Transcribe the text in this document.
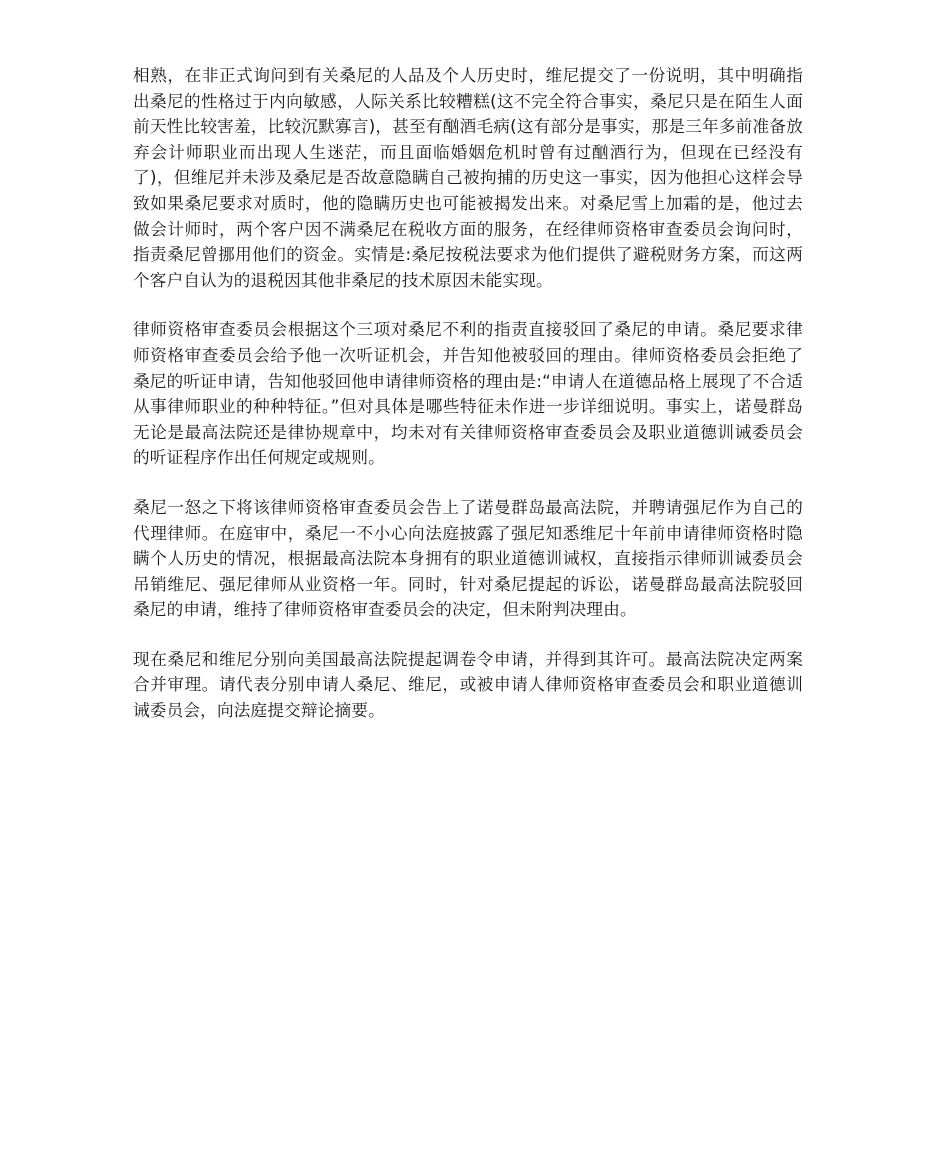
相熟，在非正式询问到有关桑尼的人品及个人历史时，维尼提交了一份说明，其中明确指出桑尼的性格过于内向敏感，人际关系比较糟糕(这不完全符合事实，桑尼只是在陌生人面前天性比较害羞，比较沉默寡言)，甚至有酗酒毛病(这有部分是事实，那是三年多前准备放弃会计师职业而出现人生迷茫，而且面临婚姻危机时曾有过酗酒行为，但现在已经没有了)，但维尼并未涉及桑尼是否故意隐瞒自己被拘捕的历史这一事实，因为他担心这样会导致如果桑尼要求对质时，他的隐瞒历史也可能被揭发出来。对桑尼雪上加霜的是，他过去做会计师时，两个客户因不满桑尼在税收方面的服务，在经律师资格审查委员会询问时，指责桑尼曾挪用他们的资金。实情是:桑尼按税法要求为他们提供了避税财务方案，而这两个客户自认为的退税因其他非桑尼的技术原因未能实现。

律师资格审查委员会根据这个三项对桑尼不利的指责直接驳回了桑尼的申请。桑尼要求律师资格审查委员会给予他一次听证机会，并告知他被驳回的理由。律师资格委员会拒绝了桑尼的听证申请，告知他驳回他申请律师资格的理由是:“申请人在道德品格上展现了不合适从事律师职业的种种特征。”但对具体是哪些特征未作进一步详细说明。事实上，诺曼群岛无论是最高法院还是律协规章中，均未对有关律师资格审查委员会及职业道德训诫委员会的听证程序作出任何规定或规则。

桑尼一怒之下将该律师资格审查委员会告上了诺曼群岛最高法院，并聘请强尼作为自己的代理律师。在庭审中，桑尼一不小心向法庭披露了强尼知悉维尼十年前申请律师资格时隐瞒个人历史的情况，根据最高法院本身拥有的职业道德训诫权，直接指示律师训诫委员会吊销维尼、强尼律师从业资格一年。同时，针对桑尼提起的诉讼，诺曼群岛最高法院驳回桑尼的申请，维持了律师资格审查委员会的决定，但未附判决理由。

现在桑尼和维尼分别向美国最高法院提起调卷令申请，并得到其许可。最高法院决定两案合并审理。请代表分别申请人桑尼、维尼，或被申请人律师资格审查委员会和职业道德训诫委员会，向法庭提交辩论摘要。
